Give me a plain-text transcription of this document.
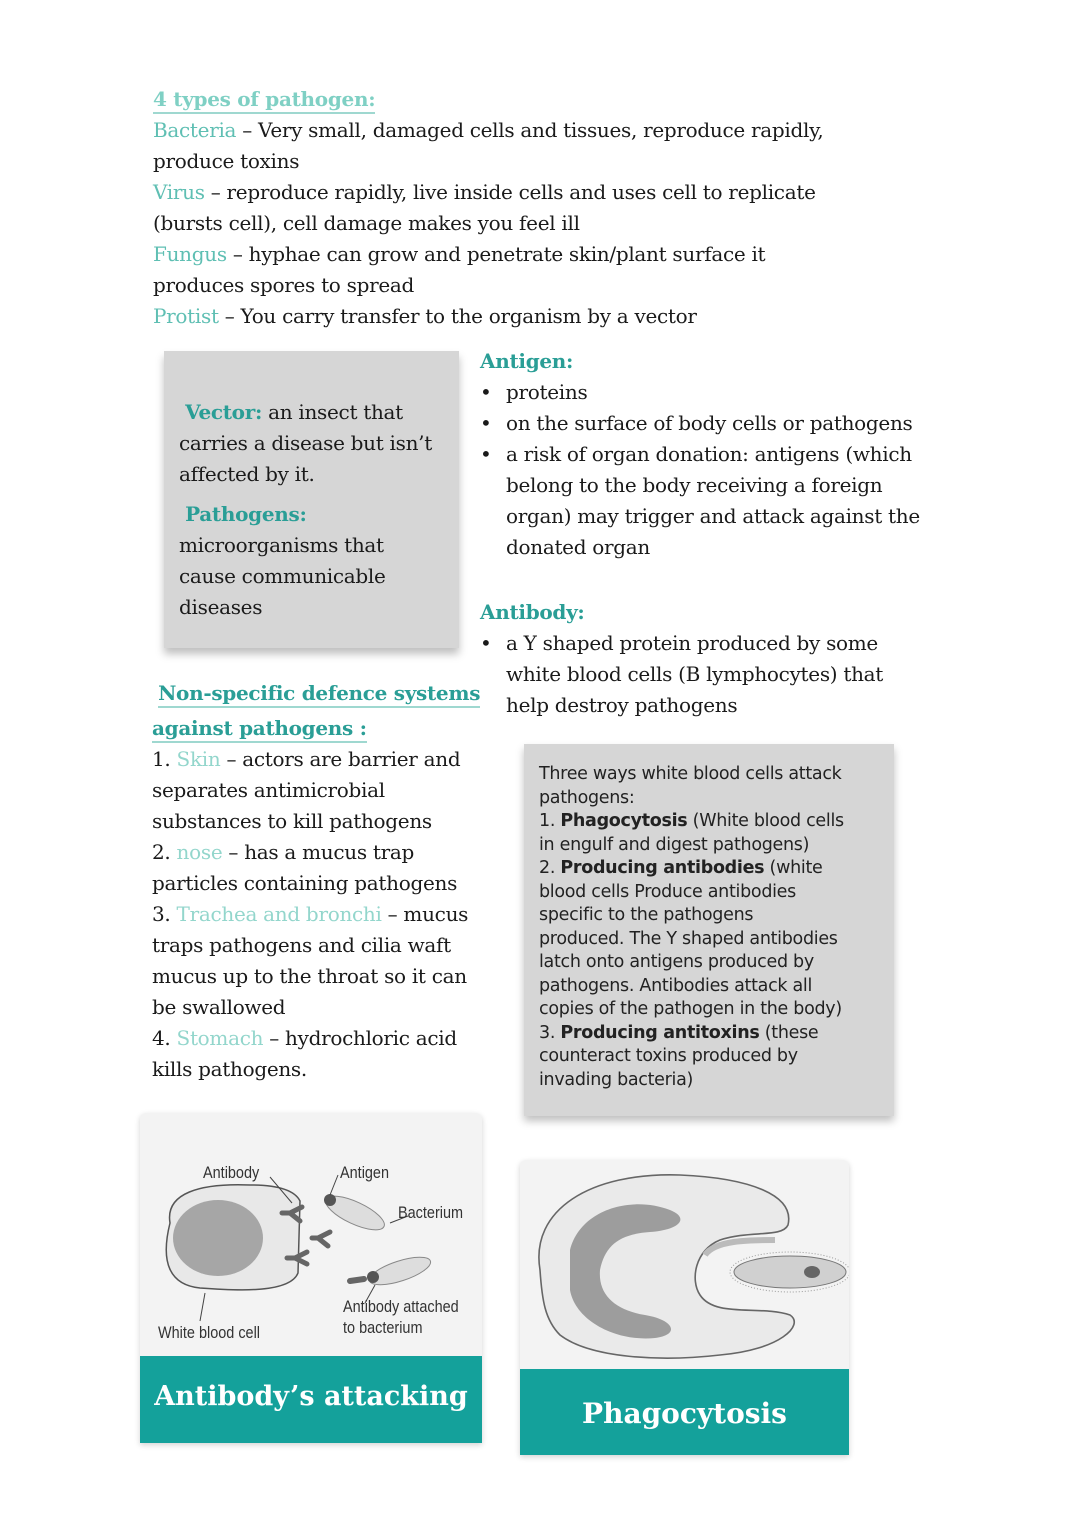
4 types of pathogen:
Bacteria – Very small, damaged cells and tissues, reproduce rapidly,
produce toxins
Virus – reproduce rapidly, live inside cells and uses cell to replicate
(bursts cell), cell damage makes you feel ill
Fungus – hyphae can grow and penetrate skin/plant surface it
produces spores to spread
Protist – You carry transfer to the organism by a vector
Vector: an insect that
carries a disease but isn’t
affected by it.
Pathogens:
microorganisms that
cause communicable
diseases
Antigen:
• proteins
• on the surface of body cells or pathogens
• a risk of organ donation: antigens (which
belong to the body receiving a foreign
organ) may trigger and attack against the
donated organ
Antibody:
• a Y shaped protein produced by some
white blood cells (B lymphocytes) that
help destroy pathogens
Non-specific defence systems
against pathogens :
1. Skin – actors are barrier and
separates antimicrobial
substances to kill pathogens
2. nose – has a mucus trap
particles containing pathogens
3. Trachea and bronchi – mucus
traps pathogens and cilia waft
mucus up to the throat so it can
be swallowed
4. Stomach – hydrochloric acid
kills pathogens.
Three ways white blood cells attack
pathogens:
1. Phagocytosis (White blood cells
in engulf and digest pathogens)
2. Producing antibodies (white
blood cells Produce antibodies
specific to the pathogens
produced. The Y shaped antibodies
latch onto antigens produced by
pathogens. Antibodies attack all
copies of the pathogen in the body)
3. Producing antitoxins (these
counteract toxins produced by
invading bacteria)
Antibody	Antigen
Bacterium
Antibody attached
to bacterium
White blood cell
Antibody’s attacking
Phagocytosis
